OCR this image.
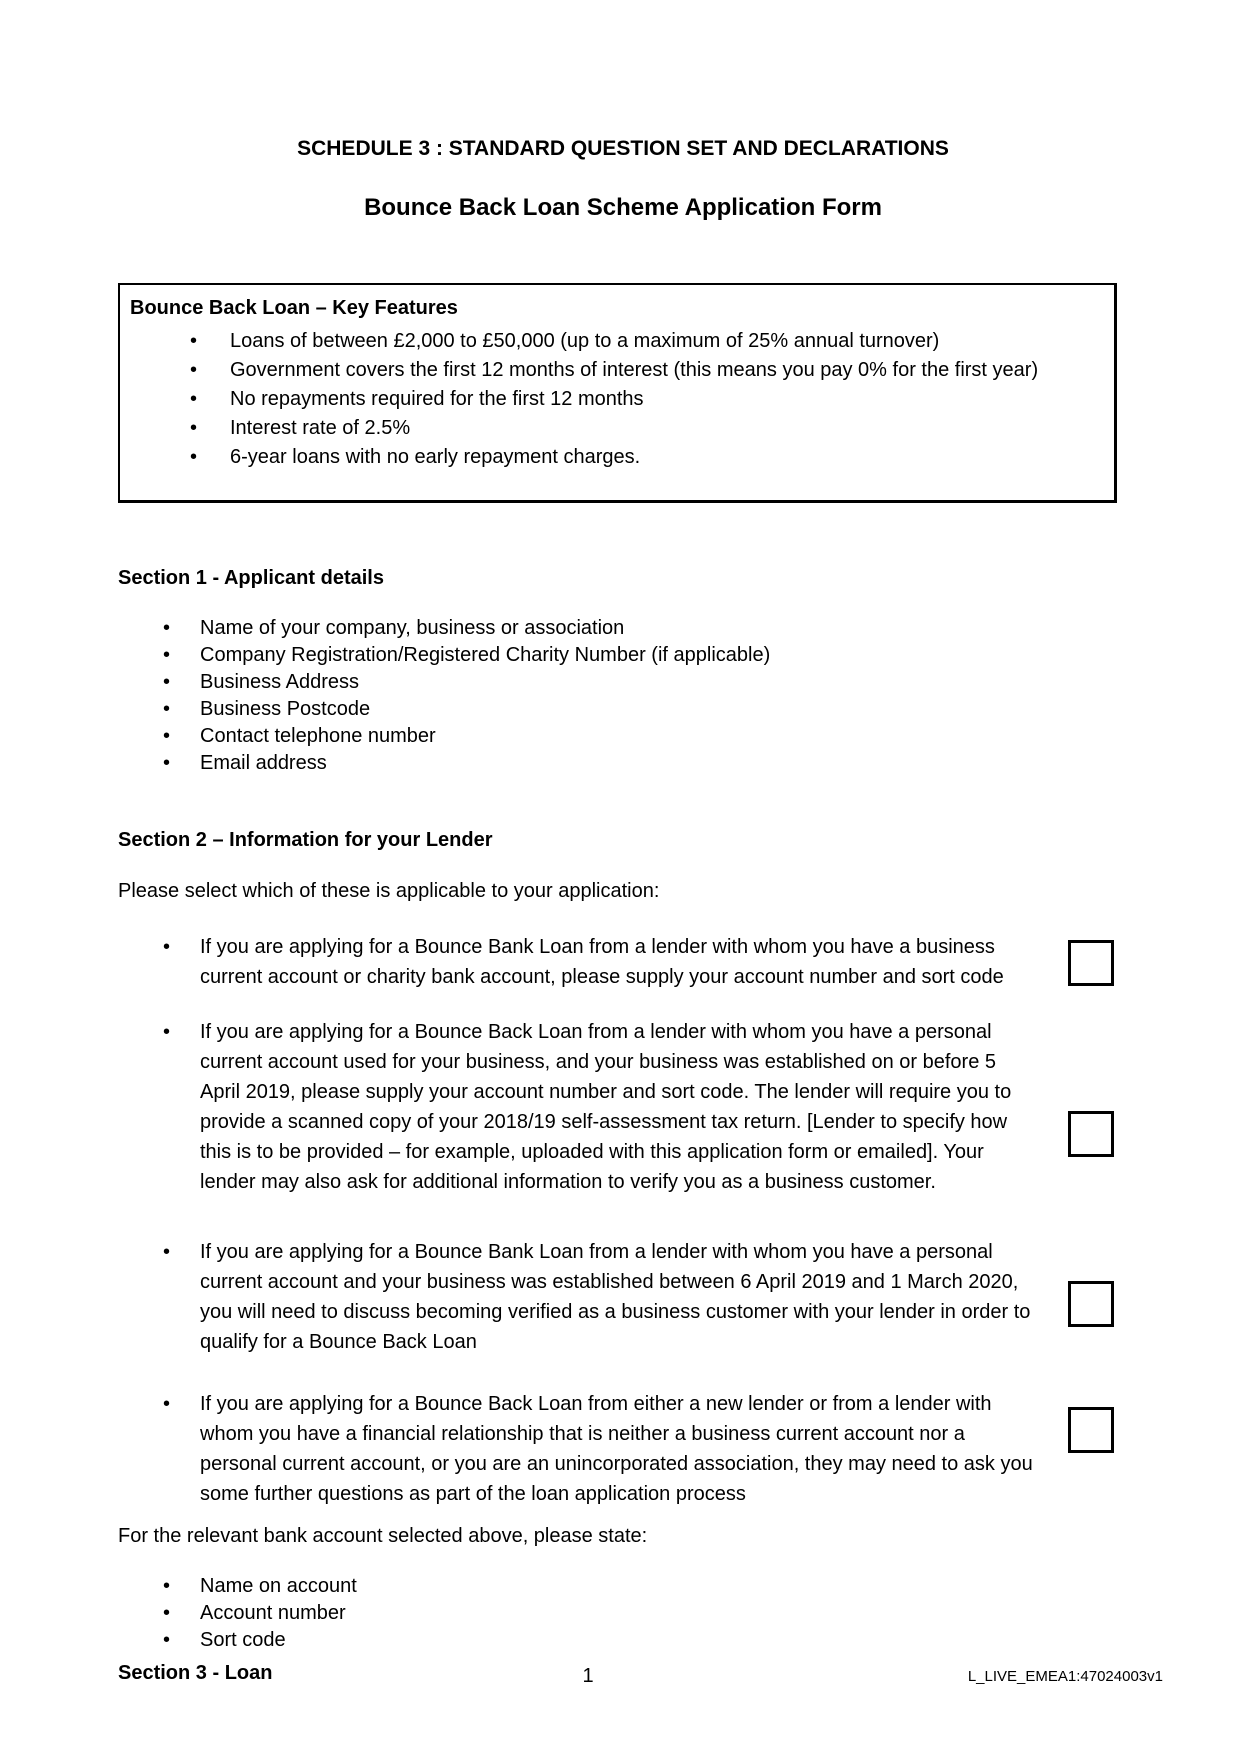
SCHEDULE 3 : STANDARD QUESTION SET AND DECLARATIONS
Bounce Back Loan Scheme Application Form
Bounce Back Loan – Key Features
• Loans of between £2,000 to £50,000 (up to a maximum of 25% annual turnover)
• Government covers the first 12 months of interest (this means you pay 0% for the first year)
• No repayments required for the first 12 months
• Interest rate of 2.5%
• 6-year loans with no early repayment charges.
Section 1 - Applicant details
• Name of your company, business or association
• Company Registration/Registered Charity Number (if applicable)
• Business Address
• Business Postcode
• Contact telephone number
• Email address
Section 2 – Information for your Lender

Please select which of these is applicable to your application:

• If you are applying for a Bounce Bank Loan from a lender with whom you have a business current account or charity bank account, please supply your account number and sort code
• If you are applying for a Bounce Back Loan from a lender with whom you have a personal current account used for your business, and your business was established on or before 5 April 2019, please supply your account number and sort code. The lender will require you to provide a scanned copy of your 2018/19 self-assessment tax return. [Lender to specify how this is to be provided – for example, uploaded with this application form or emailed]. Your lender may also ask for additional information to verify you as a business customer.
• If you are applying for a Bounce Bank Loan from a lender with whom you have a personal current account and your business was established between 6 April 2019 and 1 March 2020, you will need to discuss becoming verified as a business customer with your lender in order to qualify for a Bounce Back Loan
• If you are applying for a Bounce Back Loan from either a new lender or from a lender with whom you have a financial relationship that is neither a business current account nor a personal current account, or you are an unincorporated association, they may need to ask you some further questions as part of the loan application process

For the relevant bank account selected above, please state:

• Name on account
• Account number
• Sort code
Section 3 - Loan	1	L_LIVE_EMEA1:47024003v1
